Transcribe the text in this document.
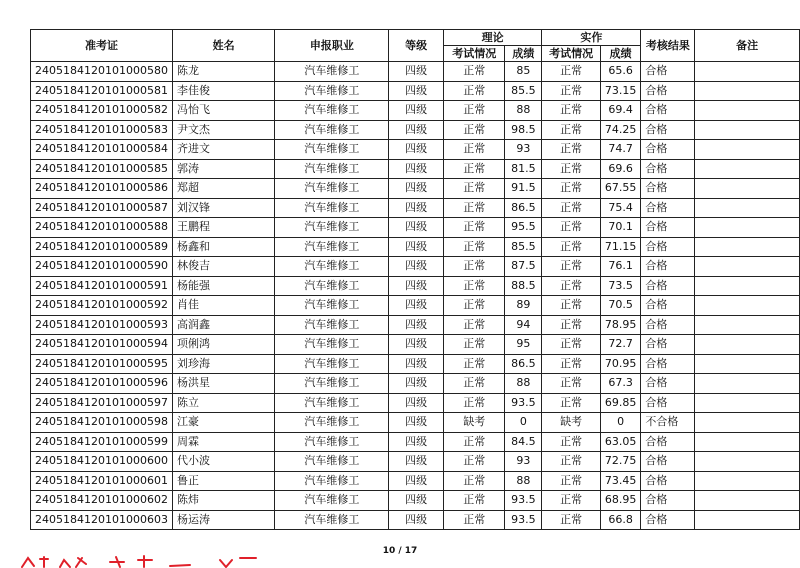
准考证	姓名	申报职业	等级	理论		实作		考核结果	备注
				考试情况	成绩	考试情况	成绩		
2405184120101000580	陈龙	汽车维修工	四级	正常	85	正常	65.6	合格	
2405184120101000581	李佳俊	汽车维修工	四级	正常	85.5	正常	73.15	合格	
2405184120101000582	冯怡飞	汽车维修工	四级	正常	88	正常	69.4	合格	
2405184120101000583	尹文杰	汽车维修工	四级	正常	98.5	正常	74.25	合格	
2405184120101000584	齐进文	汽车维修工	四级	正常	93	正常	74.7	合格	
2405184120101000585	郭涛	汽车维修工	四级	正常	81.5	正常	69.6	合格	
2405184120101000586	郑超	汽车维修工	四级	正常	91.5	正常	67.55	合格	
2405184120101000587	刘汉锋	汽车维修工	四级	正常	86.5	正常	75.4	合格	
2405184120101000588	王鹏程	汽车维修工	四级	正常	95.5	正常	70.1	合格	
2405184120101000589	杨鑫和	汽车维修工	四级	正常	85.5	正常	71.15	合格	
2405184120101000590	林俊吉	汽车维修工	四级	正常	87.5	正常	76.1	合格	
2405184120101000591	杨能强	汽车维修工	四级	正常	88.5	正常	73.5	合格	
2405184120101000592	肖佳	汽车维修工	四级	正常	89	正常	70.5	合格	
2405184120101000593	高润鑫	汽车维修工	四级	正常	94	正常	78.95	合格	
2405184120101000594	项俐鸿	汽车维修工	四级	正常	95	正常	72.7	合格	
2405184120101000595	刘珍海	汽车维修工	四级	正常	86.5	正常	70.95	合格	
2405184120101000596	杨洪星	汽车维修工	四级	正常	88	正常	67.3	合格	
2405184120101000597	陈立	汽车维修工	四级	正常	93.5	正常	69.85	合格	
2405184120101000598	江豪	汽车维修工	四级	缺考	0	缺考	0	不合格	
2405184120101000599	周霖	汽车维修工	四级	正常	84.5	正常	63.05	合格	
2405184120101000600	代小波	汽车维修工	四级	正常	93	正常	72.75	合格	
2405184120101000601	鲁正	汽车维修工	四级	正常	88	正常	73.45	合格	
2405184120101000602	陈炜	汽车维修工	四级	正常	93.5	正常	68.95	合格	
2405184120101000603	杨运涛	汽车维修工	四级	正常	93.5	正常	66.8	合格	
10 / 17
